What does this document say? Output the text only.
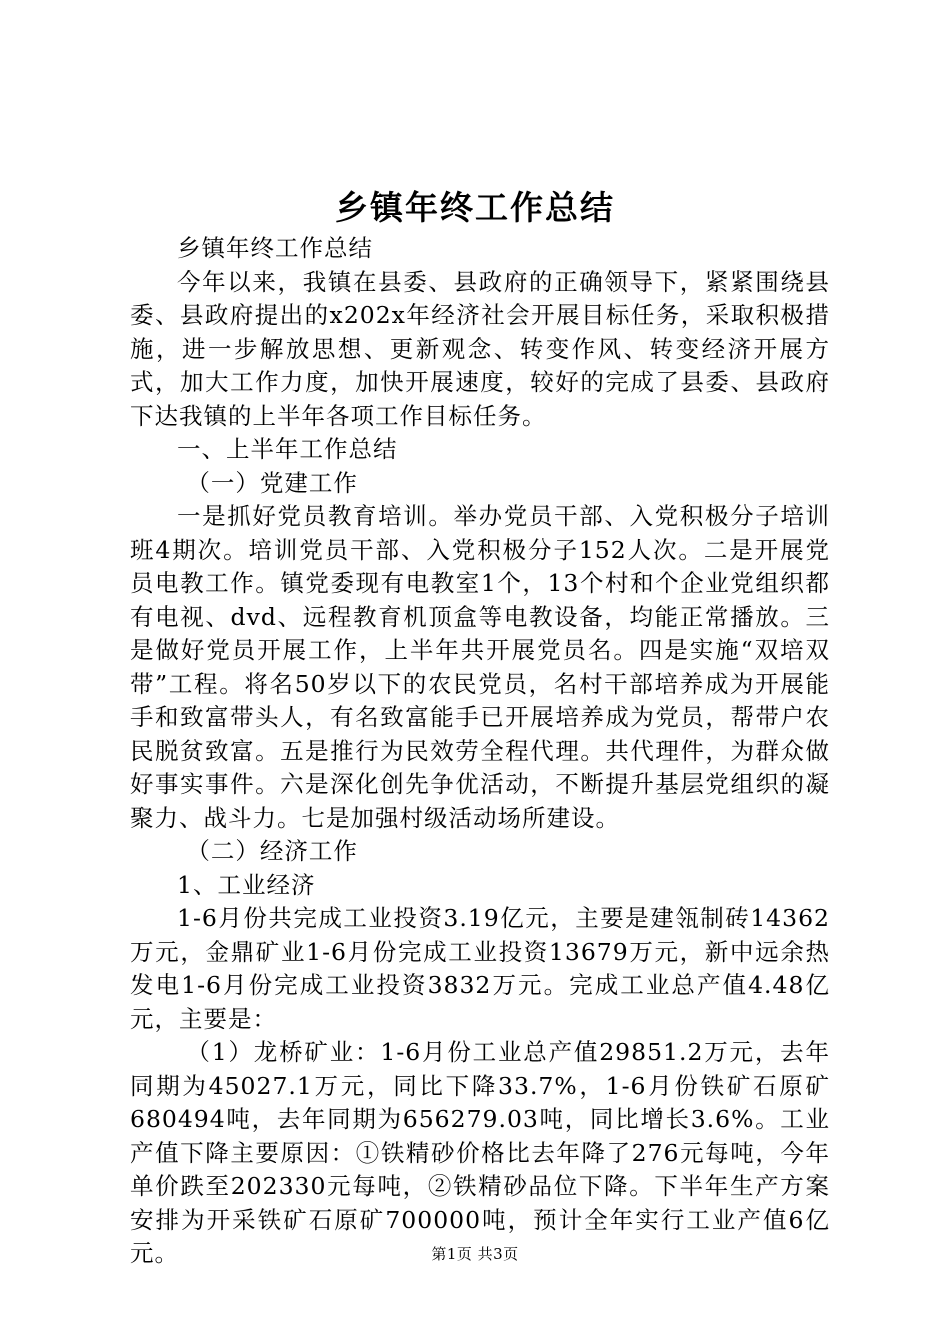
乡镇年终工作总结

乡镇年终工作总结

今年以来，我镇在县委、县政府的正确领导下，紧紧围绕县委、县政府提出的x202x年经济社会开展目标任务，采取积极措施，进一步解放思想、更新观念、转变作风、转变经济开展方式，加大工作力度，加快开展速度，较好的完成了县委、县政府下达我镇的上半年各项工作目标任务。

一、上半年工作总结

（一）党建工作

一是抓好党员教育培训。举办党员干部、入党积极分子培训班4期次。培训党员干部、入党积极分子152人次。二是开展党员电教工作。镇党委现有电教室1个，13个村和个企业党组织都有电视、dvd、远程教育机顶盒等电教设备，均能正常播放。三是做好党员开展工作，上半年共开展党员名。四是实施“双培双带”工程。将名50岁以下的农民党员，名村干部培养成为开展能手和致富带头人，有名致富能手已开展培养成为党员，帮带户农民脱贫致富。五是推行为民效劳全程代理。共代理件，为群众做好事实事件。六是深化创先争优活动，不断提升基层党组织的凝聚力、战斗力。七是加强村级活动场所建设。

（二）经济工作

1、工业经济

1-6月份共完成工业投资3.19亿元，主要是建瓴制砖14362万元，金鼎矿业1-6月份完成工业投资13679万元，新中远余热发电1-6月份完成工业投资3832万元。完成工业总产值4.48亿元，主要是：

（1）龙桥矿业：1-6月份工业总产值29851.2万元，去年同期为45027.1万元，同比下降33.7%，1-6月份铁矿石原矿680494吨，去年同期为656279.03吨，同比增长3.6%。工业产值下降主要原因：①铁精砂价格比去年降了276元每吨，今年单价跌至202330元每吨，②铁精砂品位下降。下半年生产方案安排为开采铁矿石原矿700000吨，预计全年实行工业产值6亿元。	第1页 共3页
